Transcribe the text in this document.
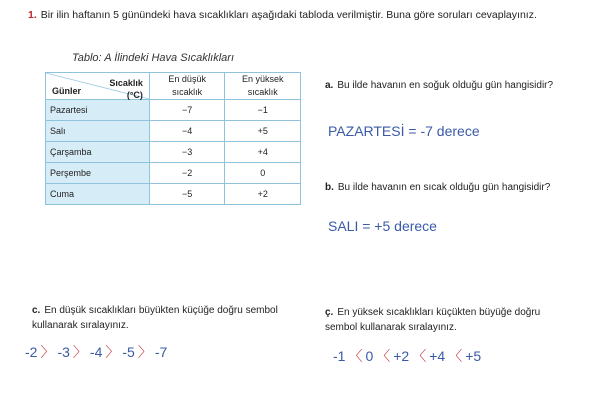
1. Bir ilin haftanın 5 günündeki hava sıcaklıkları aşağıdaki tabloda verilmiştir. Buna göre soruları cevaplayınız.
Tablo: A İlindeki Hava Sıcaklıkları
Sıcaklık
(°C)
Günler	En düşük sıcaklık	En yüksek sıcaklık
Pazartesi	−7	−1
Salı	−4	+5
Çarşamba	−3	+4
Perşembe	−2	0
Cuma	−5	+2
a. Bu ilde havanın en soğuk olduğu gün hangisidir?
PAZARTESİ = -7 derece
b. Bu ilde havanın en sıcak olduğu gün hangisidir?
SALI = +5 derece
c. En düşük sıcaklıkları büyükten küçüğe doğru sembol kullanarak sıralayınız.
-2 〉 -3 〉 -4 〉 -5 〉 -7
ç. En yüksek sıcaklıkları küçükten büyüğe doğru sembol kullanarak sıralayınız.
-1 〈 0 〈 +2 〈 +4 〈 +5
